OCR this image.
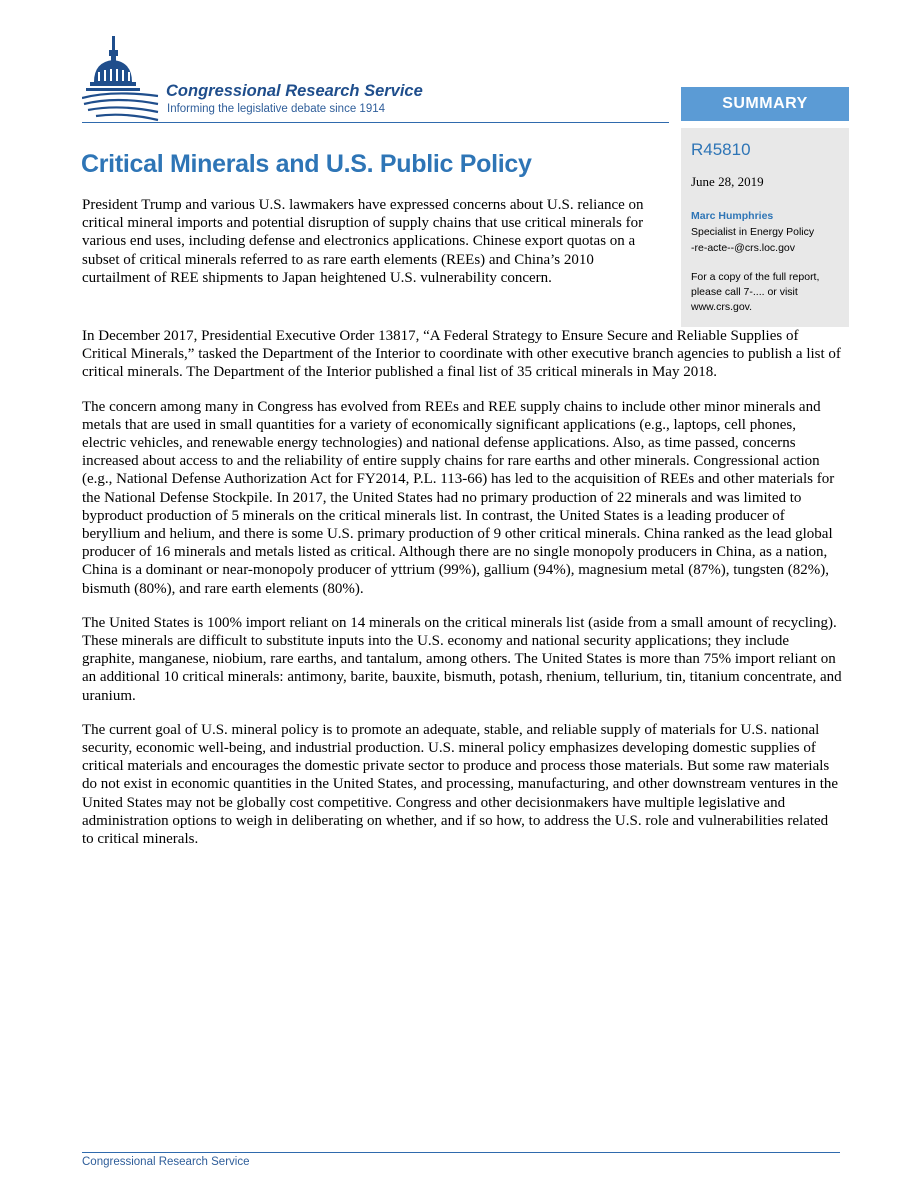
Congressional Research Service
Informing the legislative debate since 1914	SUMMARY
R45810
June 28, 2019
Marc Humphries
Specialist in Energy Policy
-re-acte--@crs.loc.gov
For a copy of the full report, please call 7-.... or visit www.crs.gov.
Critical Minerals and U.S. Public Policy

President Trump and various U.S. lawmakers have expressed concerns about U.S. reliance on critical mineral imports and potential disruption of supply chains that use critical minerals for various end uses, including defense and electronics applications. Chinese export quotas on a subset of critical minerals referred to as rare earth elements (REEs) and China’s 2010 curtailment of REE shipments to Japan heightened U.S. vulnerability concern.

In December 2017, Presidential Executive Order 13817, “A Federal Strategy to Ensure Secure and Reliable Supplies of Critical Minerals,” tasked the Department of the Interior to coordinate with other executive branch agencies to publish a list of critical minerals. The Department of the Interior published a final list of 35 critical minerals in May 2018.

The concern among many in Congress has evolved from REEs and REE supply chains to include other minor minerals and metals that are used in small quantities for a variety of economically significant applications (e.g., laptops, cell phones, electric vehicles, and renewable energy technologies) and national defense applications. Also, as time passed, concerns increased about access to and the reliability of entire supply chains for rare earths and other minerals. Congressional action (e.g., National Defense Authorization Act for FY2014, P.L. 113-66) has led to the acquisition of REEs and other materials for the National Defense Stockpile. In 2017, the United States had no primary production of 22 minerals and was limited to byproduct production of 5 minerals on the critical minerals list. In contrast, the United States is a leading producer of beryllium and helium, and there is some U.S. primary production of 9 other critical minerals. China ranked as the lead global producer of 16 minerals and metals listed as critical. Although there are no single monopoly producers in China, as a nation, China is a dominant or near-monopoly producer of yttrium (99%), gallium (94%), magnesium metal (87%), tungsten (82%), bismuth (80%), and rare earth elements (80%).

The United States is 100% import reliant on 14 minerals on the critical minerals list (aside from a small amount of recycling). These minerals are difficult to substitute inputs into the U.S. economy and national security applications; they include graphite, manganese, niobium, rare earths, and tantalum, among others. The United States is more than 75% import reliant on an additional 10 critical minerals: antimony, barite, bauxite, bismuth, potash, rhenium, tellurium, tin, titanium concentrate, and uranium.

The current goal of U.S. mineral policy is to promote an adequate, stable, and reliable supply of materials for U.S. national security, economic well-being, and industrial production. U.S. mineral policy emphasizes developing domestic supplies of critical materials and encourages the domestic private sector to produce and process those materials. But some raw materials do not exist in economic quantities in the United States, and processing, manufacturing, and other downstream ventures in the United States may not be globally cost competitive. Congress and other decisionmakers have multiple legislative and administration options to weigh in deliberating on whether, and if so how, to address the U.S. role and vulnerabilities related to critical minerals.

Congressional Research Service
